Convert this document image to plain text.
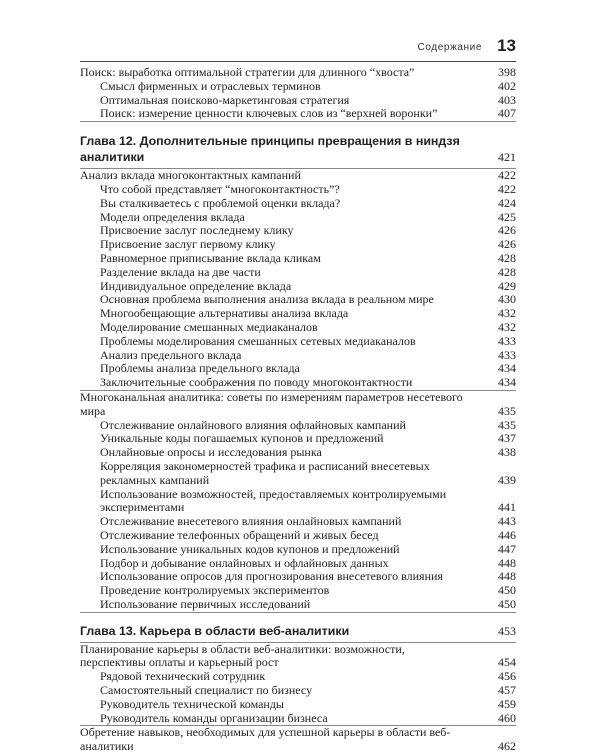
Содержание 13
Поиск: выработка оптимальной стратегии для длинного “хвоста”	398
Смысл фирменных и отраслевых терминов	402
Оптимальная поисково-маркетинговая стратегия	403
Поиск: измерение ценности ключевых слов из “верхней воронки”	407
Глава 12. Дополнительные принципы превращения в ниндзя аналитики	421
Анализ вклада многоконтактных кампаний	422
Что собой представляет “многоконтактность”?	422
Вы сталкиваетесь с проблемой оценки вклада?	424
Модели определения вклада	425
Присвоение заслуг последнему клику	426
Присвоение заслуг первому клику	426
Равномерное приписывание вклада кликам	428
Разделение вклада на две части	428
Индивидуальное определение вклада	429
Основная проблема выполнения анализа вклада в реальном мире	430
Многообещающие альтернативы анализа вклада	432
Моделирование смешанных медиаканалов	432
Проблемы моделирования смешанных сетевых медиаканалов	433
Анализ предельного вклада	433
Проблемы анализа предельного вклада	434
Заключительные соображения по поводу многоконтактности	434
Многоканальная аналитика: советы по измерениям параметров несетевого мира	435
Отслеживание онлайнового влияния офлайновых кампаний	435
Уникальные коды погашаемых купонов и предложений	437
Онлайновые опросы и исследования рынка	438
Корреляция закономерностей трафика и расписаний внесетевых рекламных кампаний	439
Использование возможностей, предоставляемых контролируемыми экспериментами	441
Отслеживание внесетевого влияния онлайновых кампаний	443
Отслеживание телефонных обращений и живых бесед	446
Использование уникальных кодов купонов и предложений	447
Подбор и добывание онлайновых и офлайновых данных	448
Использование опросов для прогнозирования внесетевого влияния	448
Проведение контролируемых экспериментов	450
Использование первичных исследований	450
Глава 13. Карьера в области веб-аналитики	453
Планирование карьеры в области веб-аналитики: возможности, перспективы оплаты и карьерный рост	454
Рядовой технический сотрудник	456
Самостоятельный специалист по бизнесу	457
Руководитель технической команды	459
Руководитель команды организации бизнеса	460
Обретение навыков, необходимых для успешной карьеры в области веб-аналитики	462
